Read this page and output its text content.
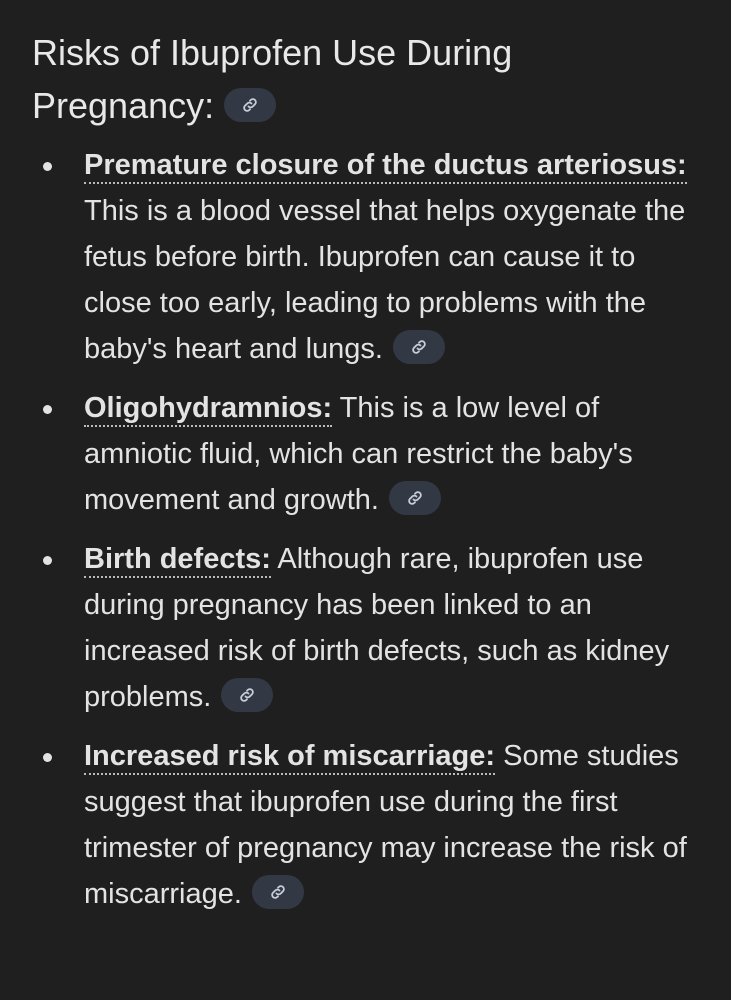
Risks of Ibuprofen Use During Pregnancy:
Premature closure of the ductus arteriosus: This is a blood vessel that helps oxygenate the fetus before birth. Ibuprofen can cause it to close too early, leading to problems with the baby's heart and lungs.
Oligohydramnios: This is a low level of amniotic fluid, which can restrict the baby's movement and growth.
Birth defects: Although rare, ibuprofen use during pregnancy has been linked to an increased risk of birth defects, such as kidney problems.
Increased risk of miscarriage: Some studies suggest that ibuprofen use during the first trimester of pregnancy may increase the risk of miscarriage.
